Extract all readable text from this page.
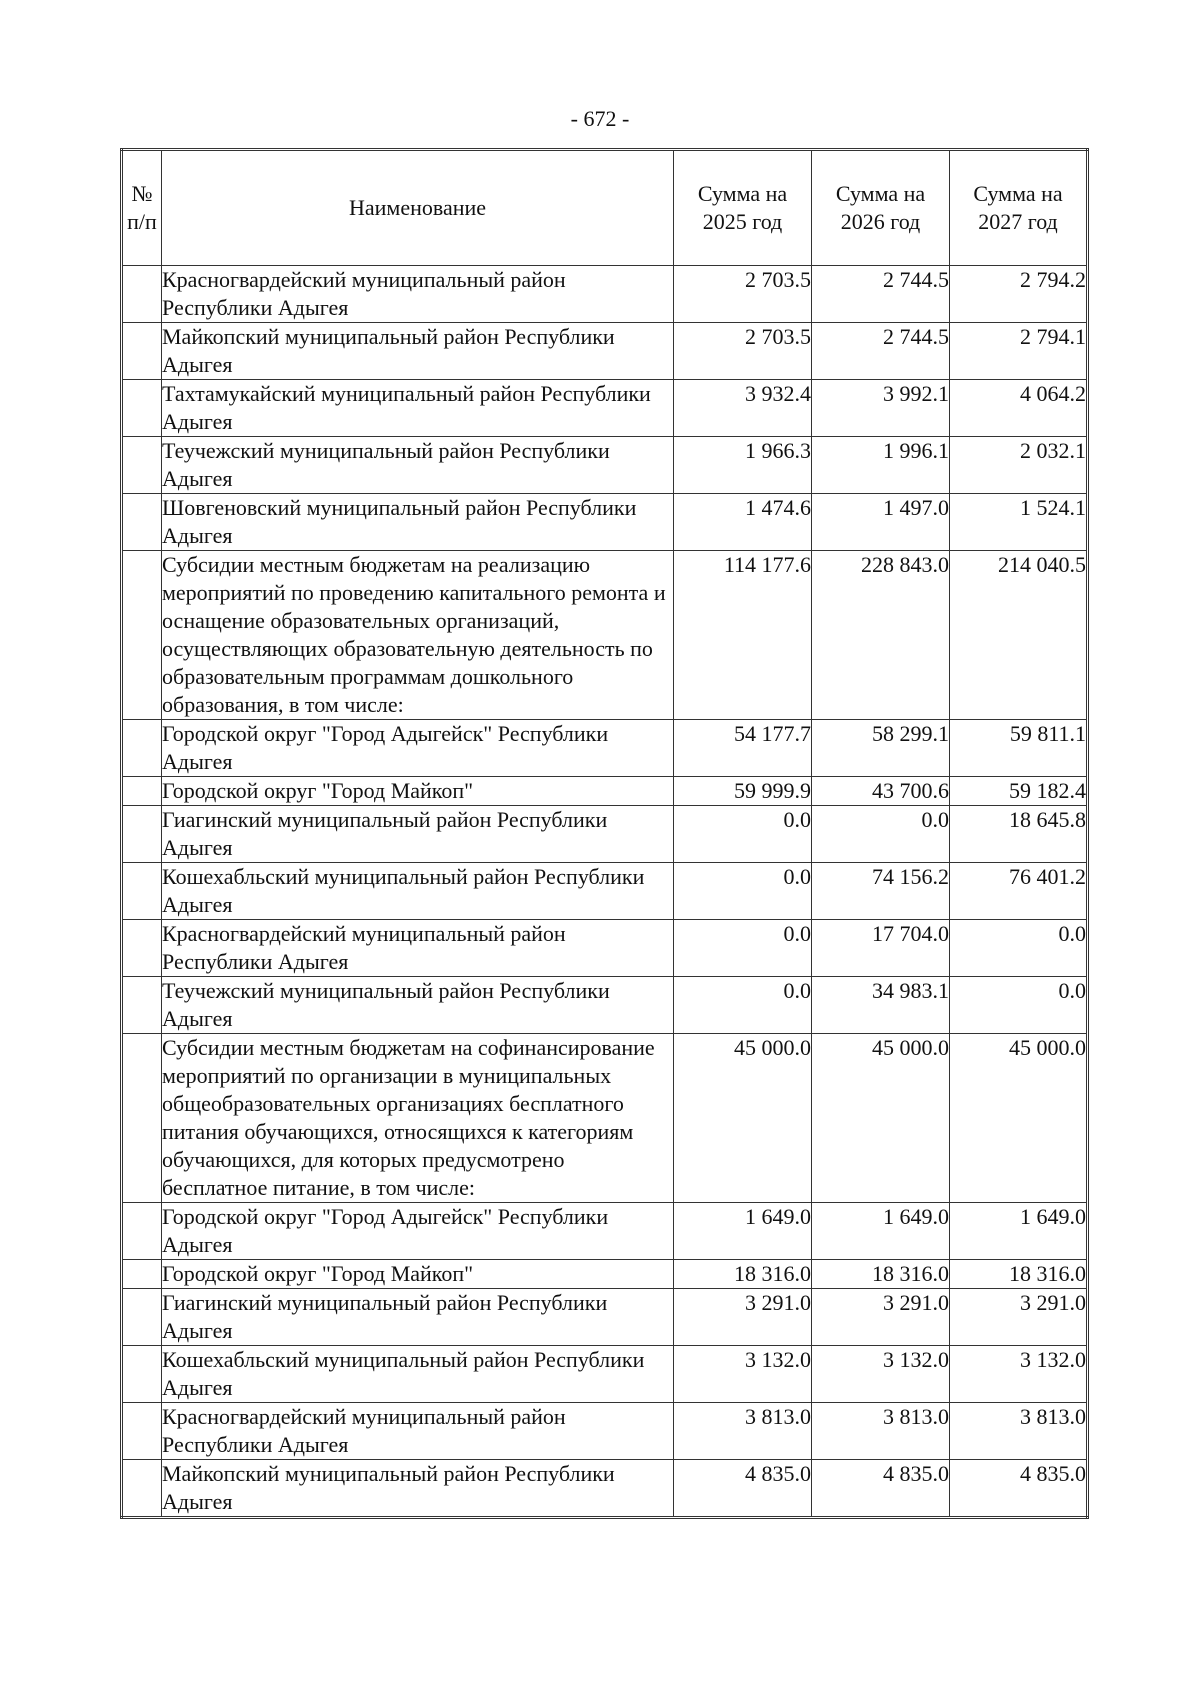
- 672 -
№ п/п	Наименование	Сумма на 2025 год	Сумма на 2026 год	Сумма на 2027 год

	Красногвардейский муниципальный район Республики Адыгея	2 703.5	2 744.5	2 794.2
	Майкопский муниципальный район Республики Адыгея	2 703.5	2 744.5	2 794.1
	Тахтамукайский муниципальный район Республики Адыгея	3 932.4	3 992.1	4 064.2
	Теучежский муниципальный район Республики Адыгея	1 966.3	1 996.1	2 032.1
	Шовгеновский муниципальный район Республики Адыгея	1 474.6	1 497.0	1 524.1
	Субсидии местным бюджетам на реализацию мероприятий по проведению капитального ремонта и оснащение образовательных организаций, осуществляющих образовательную деятельность по образовательным программам дошкольного образования, в том числе:	114 177.6	228 843.0	214 040.5
	Городской округ "Город Адыгейск" Республики Адыгея	54 177.7	58 299.1	59 811.1
	Городской округ "Город Майкоп"	59 999.9	43 700.6	59 182.4
	Гиагинский муниципальный район Республики Адыгея	0.0	0.0	18 645.8
	Кошехабльский муниципальный район Республики Адыгея	0.0	74 156.2	76 401.2
	Красногвардейский муниципальный район Республики Адыгея	0.0	17 704.0	0.0
	Теучежский муниципальный район Республики Адыгея	0.0	34 983.1	0.0
	Субсидии местным бюджетам на софинансирование мероприятий по организации в муниципальных общеобразовательных организациях бесплатного питания обучающихся, относящихся к категориям обучающихся, для которых предусмотрено бесплатное питание, в том числе:	45 000.0	45 000.0	45 000.0
	Городской округ "Город Адыгейск" Республики Адыгея	1 649.0	1 649.0	1 649.0
	Городской округ "Город Майкоп"	18 316.0	18 316.0	18 316.0
	Гиагинский муниципальный район Республики Адыгея	3 291.0	3 291.0	3 291.0
	Кошехабльский муниципальный район Республики Адыгея	3 132.0	3 132.0	3 132.0
	Красногвардейский муниципальный район Республики Адыгея	3 813.0	3 813.0	3 813.0
	Майкопский муниципальный район Республики Адыгея	4 835.0	4 835.0	4 835.0
